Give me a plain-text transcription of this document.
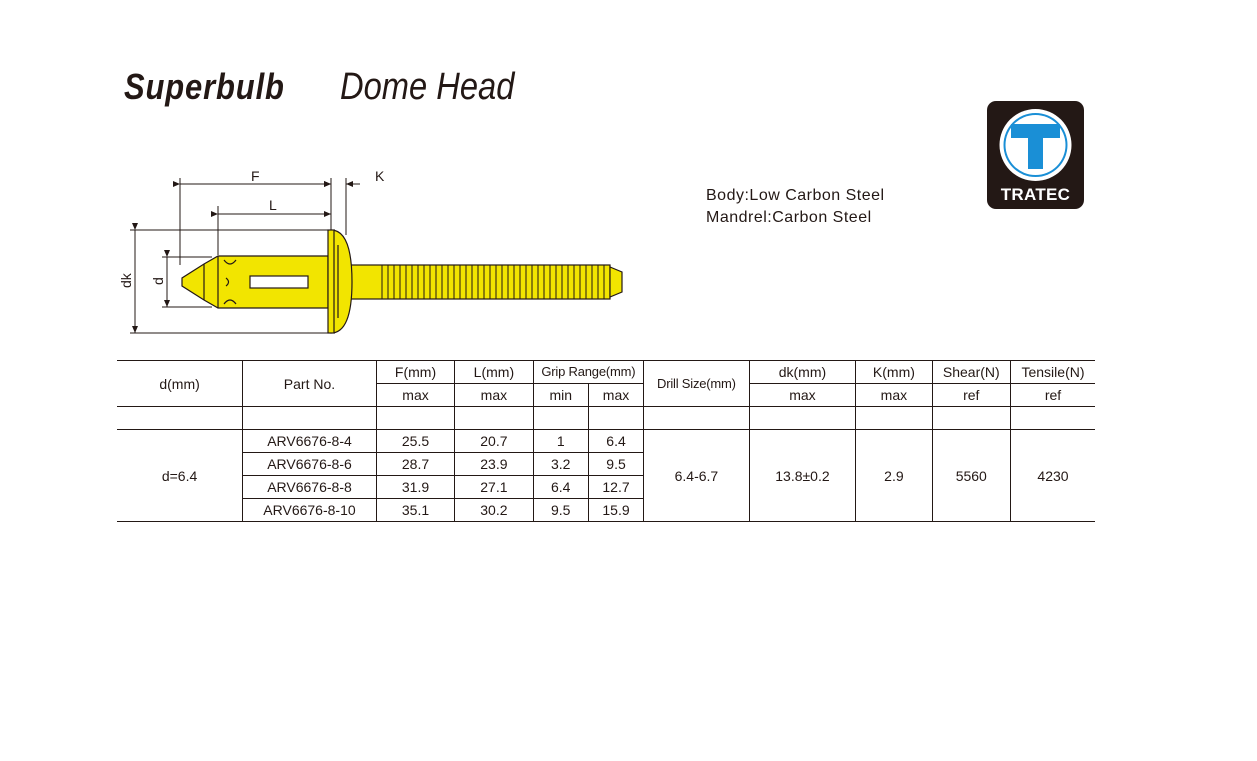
Superbulb Dome Head
TRATEC
Body:Low Carbon Steel
Mandrel:Carbon Steel
F	K
L
dk d
d(mm)	Part No.	F(mm)	L(mm)	Grip Range(mm)		Drill Size(mm)	dk(mm)	K(mm)	Shear(N)	Tensile(N)
		max	max	min	max		max	max	ref	ref

d=6.4	ARV6676-8-4	25.5	20.7	1	6.4	6.4-6.7	13.8±0.2	2.9	5560	4230
	ARV6676-8-6	28.7	23.9	3.2	9.5					
	ARV6676-8-8	31.9	27.1	6.4	12.7					
	ARV6676-8-10	35.1	30.2	9.5	15.9					
